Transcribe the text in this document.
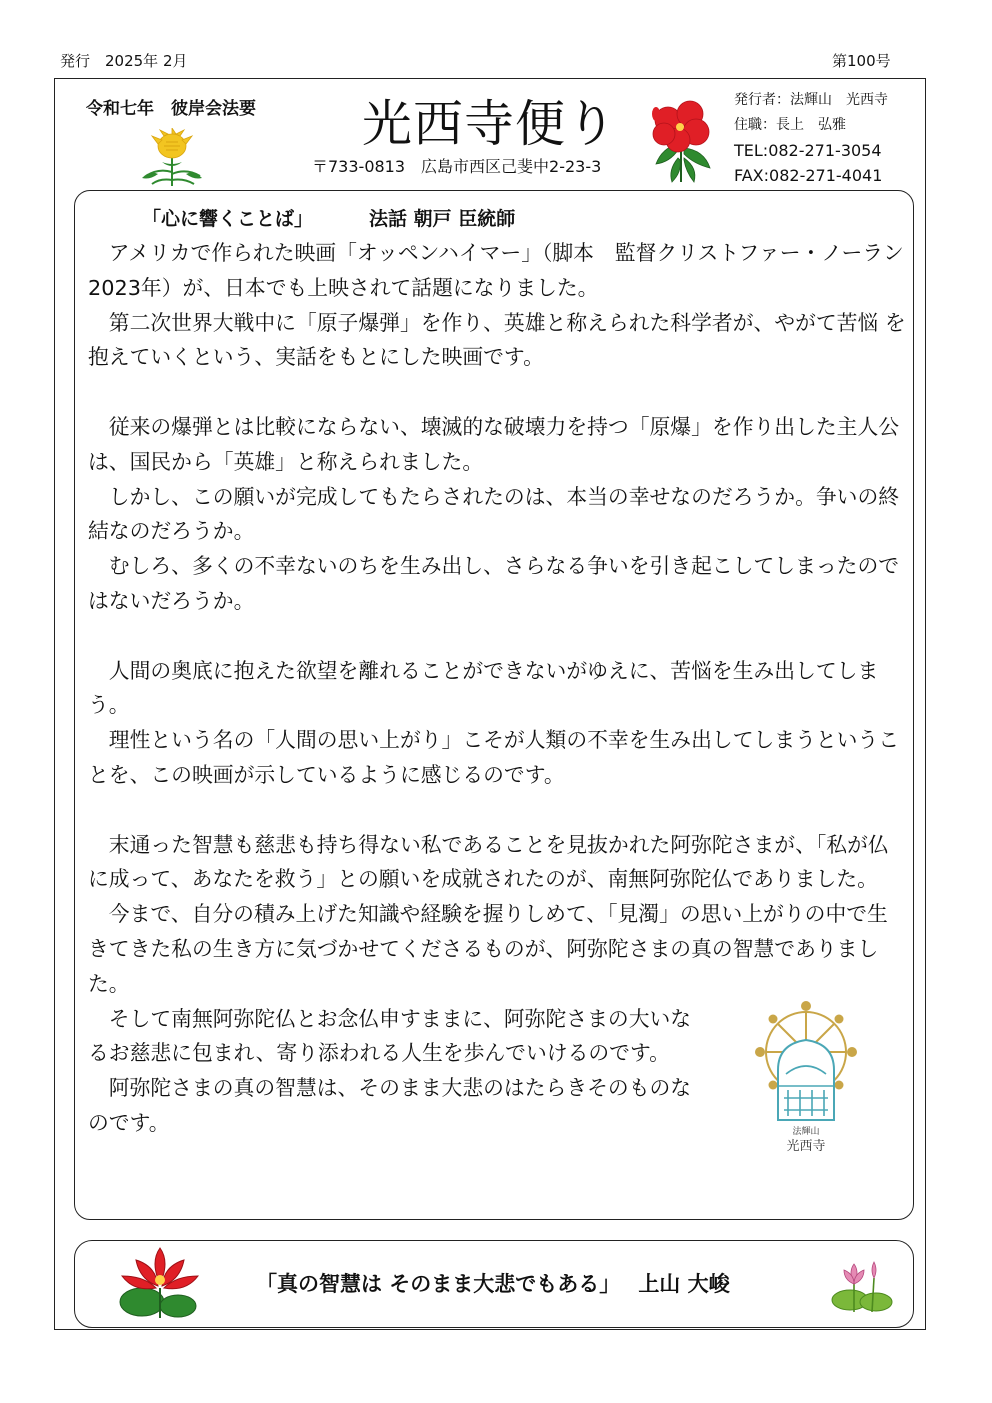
発行　2025年 2月	第100号
令和七年　彼岸会法要 光西寺便り
〒733-0813　広島市西区己斐中2-23-3
発行者：法輝山　光西寺
住職：長上　弘雅
TEL:082-271-3054
FAX:082-271-4041
「心に響くことば」	法話 朝戸 臣統師

　アメリカで作られた映画「オッペンハイマー」（脚本　監督クリストファー・ノーラン　2023年）が、日本でも上映されて話題になりました。

　第二次世界大戦中に「原子爆弾」を作り、英雄と称えられた科学者が、やがて苦悩 を抱えていくという、実話をもとにした映画です。

　従来の爆弾とは比較にならない、壊滅的な破壊力を持つ「原爆」を作り出した主人公は、国民から「英雄」と称えられました。

　しかし、この願いが完成してもたらされたのは、本当の幸せなのだろうか。争いの終結なのだろうか。

　むしろ、多くの不幸ないのちを生み出し、さらなる争いを引き起こしてしまったのではないだろうか。

　人間の奥底に抱えた欲望を離れることができないがゆえに、苦悩を生み出してしまう。

　理性という名の「人間の思い上がり」こそが人類の不幸を生み出してしまうということを、この映画が示しているように感じるのです。

　末通った智慧も慈悲も持ち得ない私であることを見抜かれた阿弥陀さまが、「私が仏に成って、あなたを救う」との願いを成就されたのが、南無阿弥陀仏でありました。

　今まで、自分の積み上げた知識や経験を握りしめて、「見濁」の思い上がりの中で生きてきた私の生き方に気づかせてくださるものが、阿弥陀さまの真の智慧でありました。

　そして南無阿弥陀仏とお念仏申すままに、阿弥陀さまの大いなるお慈悲に包まれ、寄り添われる人生を歩んでいけるのです。

　阿弥陀さまの真の智慧は、そのまま大悲のはたらきそのものなのです。	法輝山
光西寺
「真の智慧は そのまま大悲でもある」 上山 大峻
